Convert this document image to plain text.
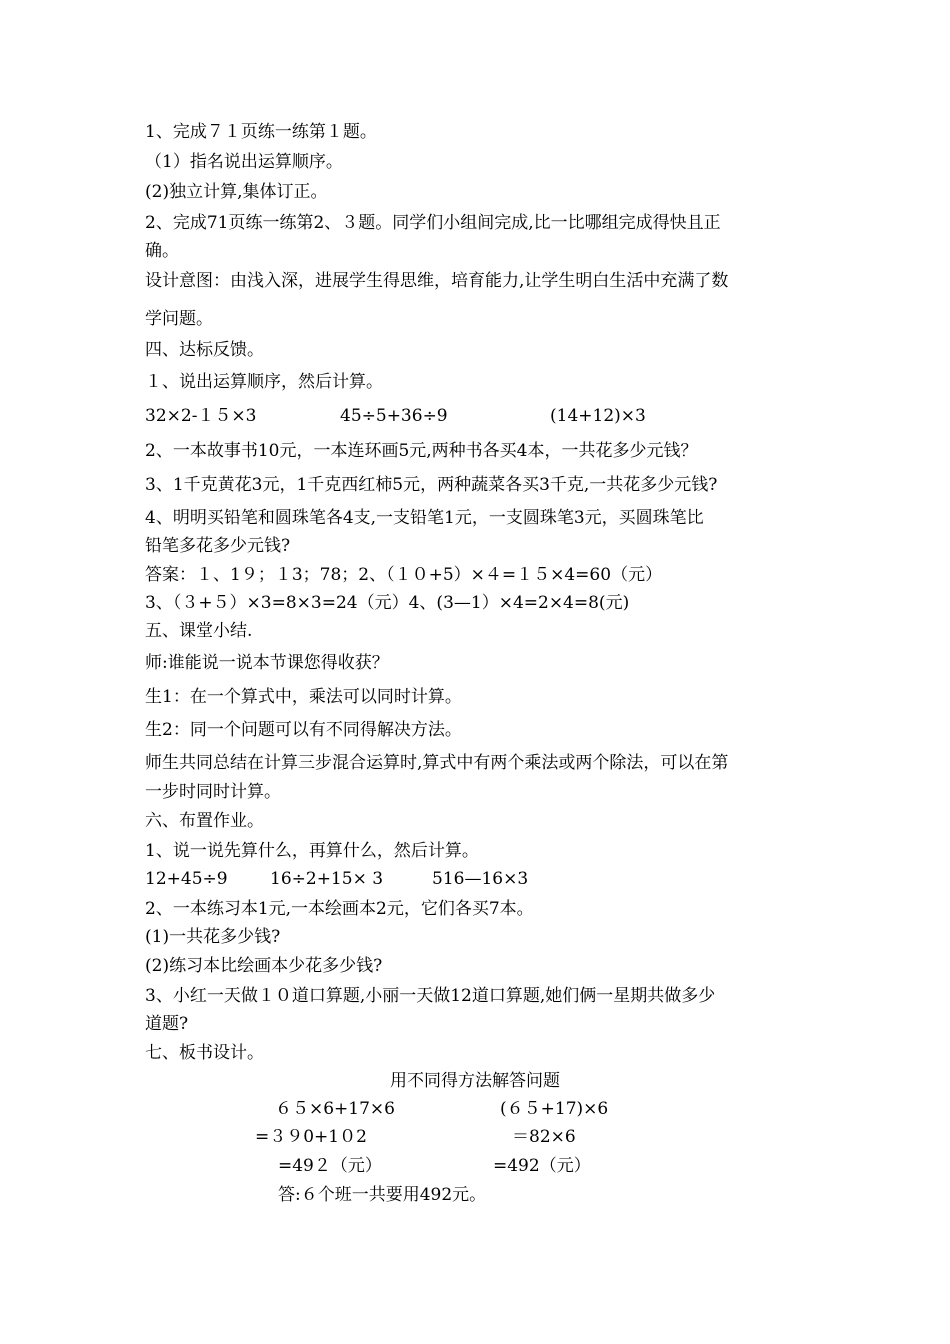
1、完成７１页练一练第１题。
（1）指名说出运算顺序。
(2)独立计算,集体订正。
2、完成71页练一练第2、３题。同学们小组间完成,比一比哪组完成得快且正
确。
设计意图：由浅入深，进展学生得思维，培育能力,让学生明白生活中充满了数
学问题。
四、达标反馈。
１、说出运算顺序，然后计算。
32×2-１５×3	45÷5+36÷9	(14+12)×3
2、一本故事书10元，一本连环画5元,两种书各买4本，一共花多少元钱？
3、1千克黄花3元，1千克西红柿5元，两种蔬菜各买3千克,一共花多少元钱?
4、明明买铅笔和圆珠笔各4支,一支铅笔1元，一支圆珠笔3元，买圆珠笔比
铅笔多花多少元钱?
答案：１、1９；１3；78；2、（１０+5）×４=１５×4=60（元）
3、（３+５）×3=8×3=24（元）4、(3—1）×4=2×4=8(元)
五、课堂小结.
师:谁能说一说本节课您得收获？
生1：在一个算式中，乘法可以同时计算。
生2：同一个问题可以有不同得解决方法。
师生共同总结在计算三步混合运算时,算式中有两个乘法或两个除法，可以在第
一步时同时计算。
六、布置作业。
1、说一说先算什么，再算什么，然后计算。
12+45÷9 16÷2+15× 3	516—16×3
2、一本练习本1元,一本绘画本2元，它们各买7本。
(1)一共花多少钱?
(2)练习本比绘画本少花多少钱?
3、小红一天做１０道口算题,小丽一天做12道口算题,她们俩一星期共做多少
道题?
七、板书设计。
用不同得方法解答问题
６５×6+17×6
=３９0+1０2
=49２（元）
(６５+17)×6
＝82×6
=492（元）
答:６个班一共要用492元。
